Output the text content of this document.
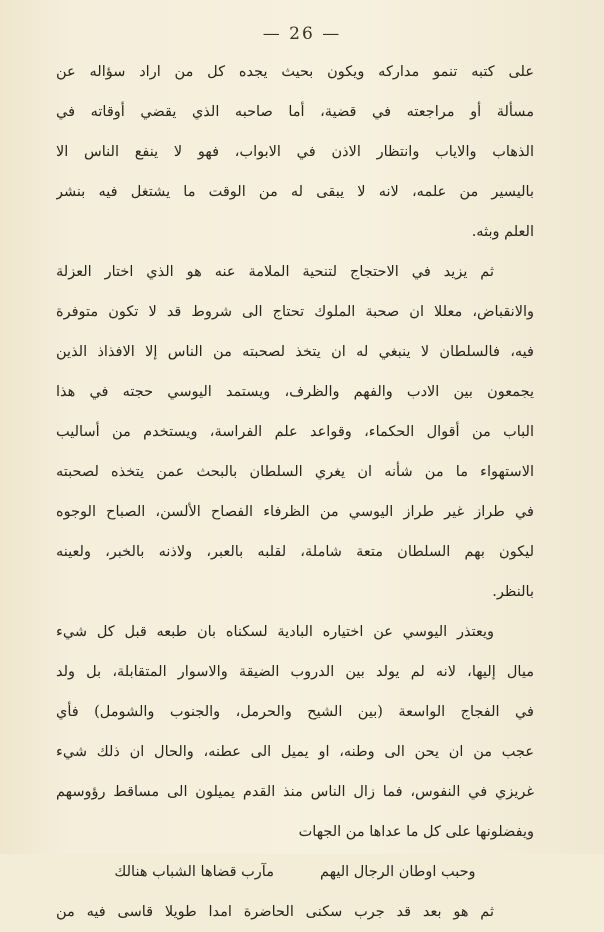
— 26 —
على كتبه تنمو مداركه ويكون بحيث يجده كل من اراد سؤاله عن
مسألة أو مراجعته في قضية، أما صاحبه الذي يقضي أوقاته في
الذهاب والاياب وانتظار الاذن في الابواب، فهو لا ينفع الناس الا
باليسير من علمه، لانه لا يبقى له من الوقت ما يشتغل فيه بنشر
العلم وبثه.
ثم يزيد في الاحتجاج لتنحية الملامة عنه هو الذي اختار العزلة
والانقباض، معللا ان صحبة الملوك تحتاج الى شروط قد لا تكون متوفرة
فيه، فالسلطان لا ينبغي له ان يتخذ لصحبته من الناس إلا الافذاذ الذين
يجمعون بين الادب والفهم والظرف، ويستمد اليوسي حجته في هذا
الباب من أقوال الحكماء، وقواعد علم الفراسة، ويستخدم من أساليب
الاستهواء ما من شأنه ان يغري السلطان بالبحث عمن يتخذه لصحبته
في طراز غير طراز اليوسي من الظرفاء الفصاح الألسن، الصباح الوجوه
ليكون بهم السلطان متعة شاملة، لقلبه بالعبر، ولاذنه بالخبر، ولعينه
بالنظر.
ويعتذر اليوسي عن اختياره البادية لسكناه بان طبعه قبل كل شيء
ميال إليها، لانه لم يولد بين الدروب الضيقة والاسوار المتقابلة، بل ولد
في الفجاج الواسعة (بين الشيح والحرمل، والجنوب والشومل) فأي
عجب من ان يحن الى وطنه، او يميل الى عطنه، والحال ان ذلك شيء
غريزي في النفوس، فما زال الناس منذ القدم يميلون الى مساقط رؤوسهم
ويفضلونها على كل ما عداها من الجهات
وحبب اوطان الرجال اليهممآرب قضاها الشباب هنالك
ثم هو بعد قد جرب سكنى الحاضرة امدا طويلا قاسى فيه من
